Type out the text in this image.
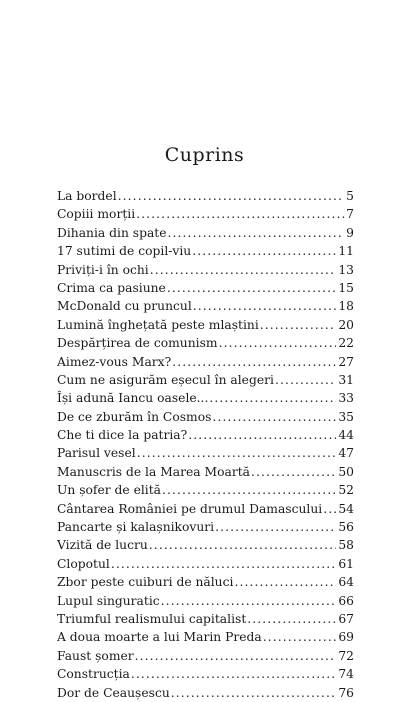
Cuprins
La bordel .....	5
Copiii morții .....	7
Dihania din spate .....	9
17 sutimi de copil-viu .....	11
Priviți-i în ochi .....	13
Crima ca pasiune .....	15
McDonald cu pruncul .....	18
Lumină înghețată peste mlaștini .....	20
Despărțirea de comunism .....	22
Aimez-vous Marx? .....	27
Cum ne asigurăm eșecul în alegeri .....	31
Își adună Iancu oasele... .....	33
De ce zburăm în Cosmos .....	35
Che ti dice la patria? .....	44
Parisul vesel .....	47
Manuscris de la Marea Moartă .....	50
Un șofer de elită .....	52
Cântarea României pe drumul Damascului ..... 54
Pancarte și kalașnikovuri .....	56
Vizită de lucru .....	58
Clopotul .....	61
Zbor peste cuiburi de năluci .....	64
Lupul singuratic .....	66
Triumful realismului capitalist .....	67
A doua moarte a lui Marin Preda .....	69
Faust șomer .....	72
Construcția .....	74
Dor de Ceaușescu .....	76
